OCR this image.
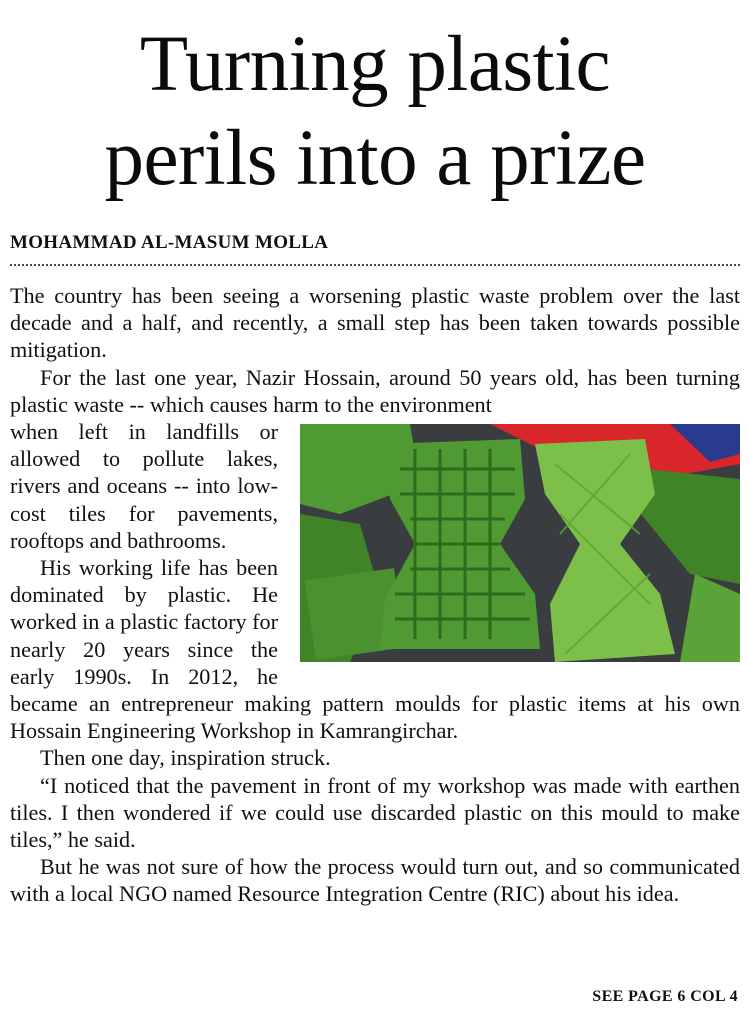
Turning plastic
perils into a prize
MOHAMMAD AL-MASUM MOLLA

The country has been seeing a worsening plastic waste problem over the last decade and a half, and recently, a small step has been taken towards possible mitigation.

For the last one year, Nazir Hossain, around 50 years old, has been turning plastic waste -- which causes harm to the environment

when left in landfills or allowed to pollute lakes, rivers and oceans -- into low-cost tiles for pavements, rooftops and bathrooms.

His working life has been dominated by plastic. He worked in a plastic factory for nearly 20 years since the early 1990s. In 2012, he became an entrepreneur making pattern moulds for plastic items at his own Hossain Engineering Workshop in Kamrangirchar.

Then one day, inspiration struck.

“I noticed that the pavement in front of my workshop was made with earthen tiles. I then wondered if we could use discarded plastic on this mould to make tiles,” he said.

But he was not sure of how the process would turn out, and so communicated with a local NGO named Resource Integration Centre (RIC) about his idea.

SEE PAGE 6 COL 4
